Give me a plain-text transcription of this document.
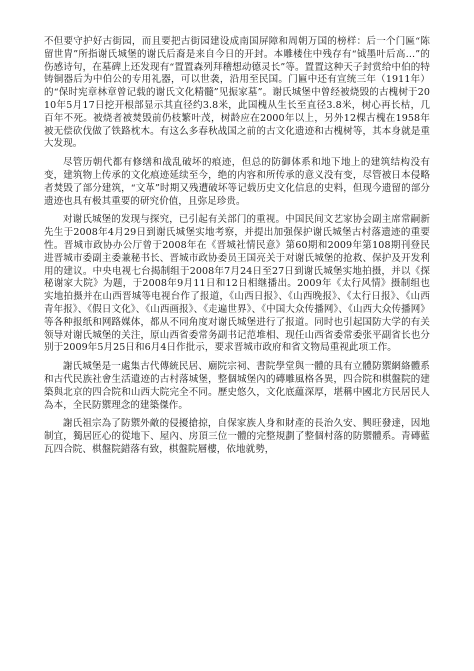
不但要守护好古街园，而且要把古街园建设成南国屏障和周朝万国的榜样：后一个门匾“陈留世胄”所指谢氏城堡的谢氏后裔是来自今日的开封。本雕楼住中残存有“钺墨叶后高…”的伤感诗句，在墓碑上还发现有“置置森列拜稽想动德灵长”等。置置这种天子封赏给中伯的特铸铜器后为中伯公的专用礼器，可以世袭，沿用至民国。门匾中还有宣统三年（1911年）的“保时宪章林章曾记载的谢氏文化精髓”见振家墓”。谢氏城堡中曾经被烧毁的古槐树于2010年5月17日挖开根部显示其直径约3.8米，此国槐从生长至直径3.8米，树心再长枯，几百年不死。被烧者被焚毁前仍枝繁叶茂，树龄应在2000年以上，另外12棵古槐在1958年被无偿砍伐做了铁路枕木。有这么多春秋战国之前的古文化遗迹和古槐树等，其本身就是重大发现。

尽管历朝代都有修缮和战乱破坏的痕迹，但总的防御体系和地下地上的建筑结构没有变，建筑物上传承的文化痕迹延续至今，绝的内容和所传承的意义没有变，尽管被日本侵略者焚毁了部分建筑，“文革”时期又残遭破坏等记载历史文化信息的史料，但现今遗留的部分遗迹也具有极其重要的研究价值，且弥足珍贵。

对谢氏城堡的发现与探究，已引起有关部门的重视。中国民间文艺家协会副主席常嗣新先生于2008年4月29日到谢氏城堡实地考察，并提出加强保护谢氏城堡古村落遗迹的重要性。晋城市政协办公厅曾于2008年在《晋城社情民意》第60期和2009年第108期刊登民进晋城市委副主委兼秘书长、晋城市政协委员王国亮关于对谢氏城堡的抢救、保护及开发利用的建议。中央电视七台揭制组于2008年7月24日至27日到谢氏城堡实地拍摄，并以《探秘谢家大院》为题，于2008年9月11日和12日相继播出。2009年《太行风情》摄制组也实地拍摄并在山西晋城等电视台作了报道，《山西日报》、《山西晚报》、《太行日报》、《山西青年报》、《假日文化》、《山西画报》、《走遍世界》、《中国大众传播网》、《山西大众传播网》等各种报纸和网路媒体，都从不同角度对谢氏城堡进行了报道。同时也引起国防大学的有关领导对谢氏城堡的关注，原山西省委常务副书记范堆相、现任山西省委常委张平副省长也分别于2009年5月25日和6月4日作批示，要求晋城市政府和省文物局重视此项工作。

謝氏城堡是一處集古代傳統民居、廟院宗祠、書院學堂與一體的具有立體防禦網絡體系和古代民族社會生活遺迹的古村落城堡，整個城堡內的磚雕風格各異，四合院和棋盤院的建築與北京的四合院和山西大院完全不同。歷史悠久，文化底蘊深厚，堪稱中國北方民居民人為本，全民防禦理念的建築傑作。

謝氏祖宗為了防禦外敵的侵擾搶掠，自保家族人身和財產的長治久安、興旺發達，因地制宜，獨居匠心的從地下、屋內、房頂三位一體的完整規劃了整個村落的防禦體系。青磚藍瓦四合院、棋盤院錯落有致，棋盤院層樓，依地就勢，
